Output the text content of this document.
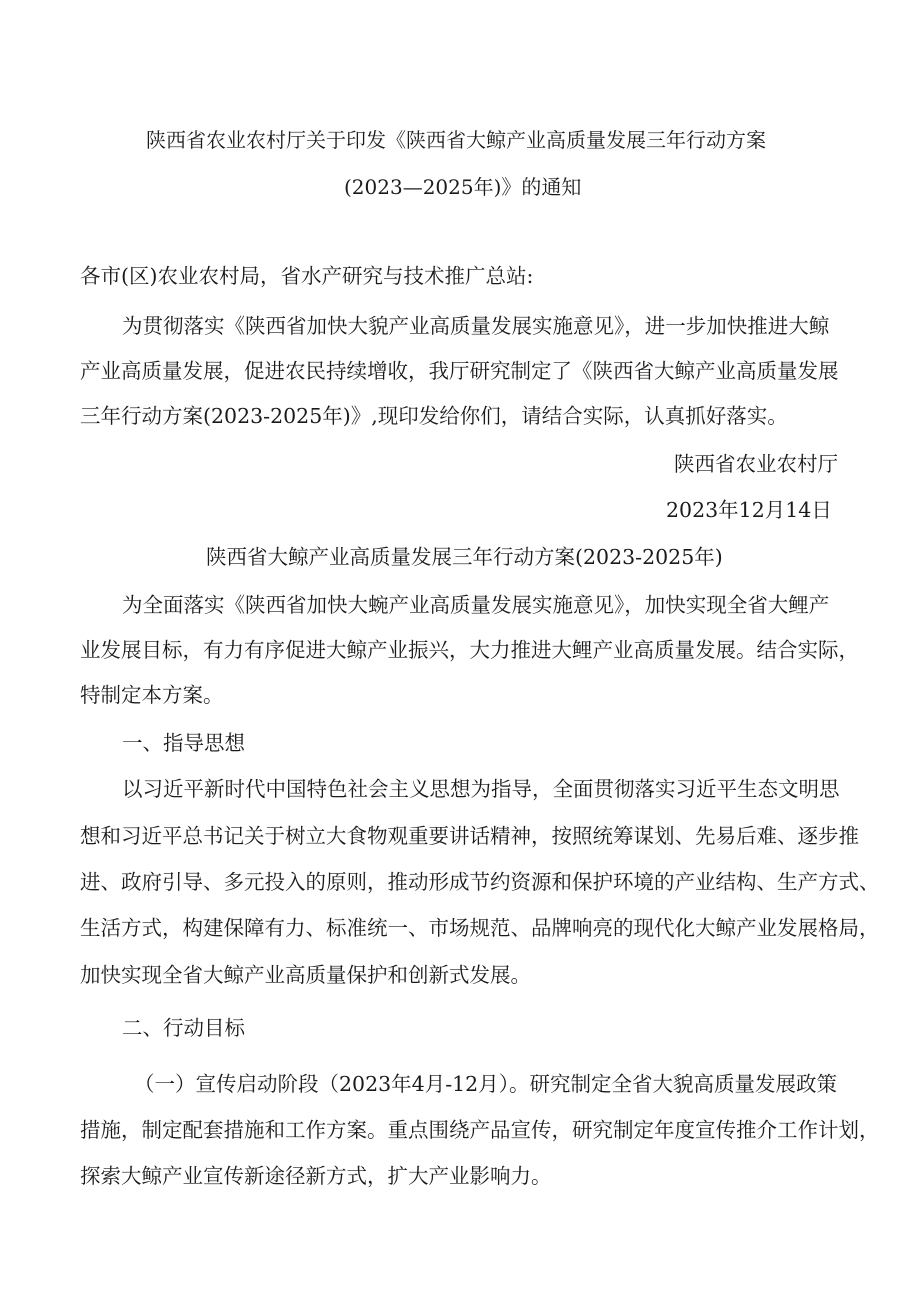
陕西省农业农村厅关于印发《陕西省大鲸产业高质量发展三年行动方案

(2023—2025年)》的通知

各市(区)农业农村局，省水产研究与技术推广总站:

为贯彻落实《陕西省加快大貌产业高质量发展实施意见》，进一步加快推进大鲸

产业高质量发展，促进农民持续增收，我厅研究制定了《陕西省大鲸产业高质量发展

三年行动方案(2023-2025年)》,现印发给你们，请结合实际，认真抓好落实。

陕西省农业农村厅

2023年12月14日

陕西省大鲸产业高质量发展三年行动方案(2023-2025年)

为全面落实《陕西省加快大蜿产业高质量发展实施意见》，加快实现全省大鲤产

业发展目标，有力有序促进大鲸产业振兴，大力推进大鲤产业高质量发展。结合实际，

特制定本方案。

一、指导思想

以习近平新时代中国特色社会主义思想为指导，全面贯彻落实习近平生态文明思

想和习近平总书记关于树立大食物观重要讲话精神，按照统筹谋划、先易后难、逐步推

进、政府引导、多元投入的原则，推动形成节约资源和保护环境的产业结构、生产方式、

生活方式，构建保障有力、标准统一、市场规范、品牌响亮的现代化大鲸产业发展格局，

加快实现全省大鲸产业高质量保护和创新式发展。

二、行动目标

（一）宣传启动阶段（2023年4月-12月）。研究制定全省大貌高质量发展政策

措施，制定配套措施和工作方案。重点围绕产品宣传，研究制定年度宣传推介工作计划，

探索大鲸产业宣传新途径新方式，扩大产业影响力。
